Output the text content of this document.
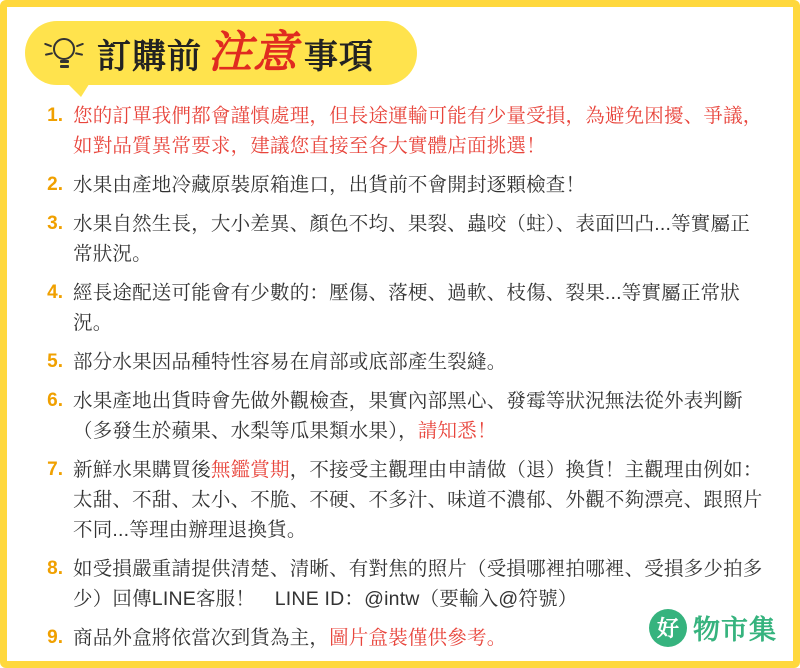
訂購前 注意 事項
1. 您的訂單我們都會謹慎處理，但長途運輸可能有少量受損，為避免困擾、爭議，如對品質異常要求，建議您直接至各大實體店面挑選！
2. 水果由產地冷藏原裝原箱進口，出貨前不會開封逐顆檢查！
3. 水果自然生長，大小差異、顏色不均、果裂、蟲咬（蛀）、表面凹凸...等實屬正常狀況。
4. 經長途配送可能會有少數的：壓傷、落梗、過軟、枝傷、裂果...等實屬正常狀況。
5. 部分水果因品種特性容易在肩部或底部產生裂縫。
6. 水果產地出貨時會先做外觀檢查，果實內部黑心、發霉等狀況無法從外表判斷（多發生於蘋果、水梨等瓜果類水果），請知悉！
7. 新鮮水果購買後無鑑賞期，不接受主觀理由申請做（退）換貨！主觀理由例如：太甜、不甜、太小、不脆、不硬、不多汁、味道不濃郁、外觀不夠漂亮、跟照片不同...等理由辦理退換貨。
8. 如受損嚴重請提供清楚、清晰、有對焦的照片（受損哪裡拍哪裡、受損多少拍多少）回傳LINE客服！　LINE ID：@intw（要輸入@符號）
9. 商品外盒將依當次到貨為主，圖片盒裝僅供參考。	好 物市集
